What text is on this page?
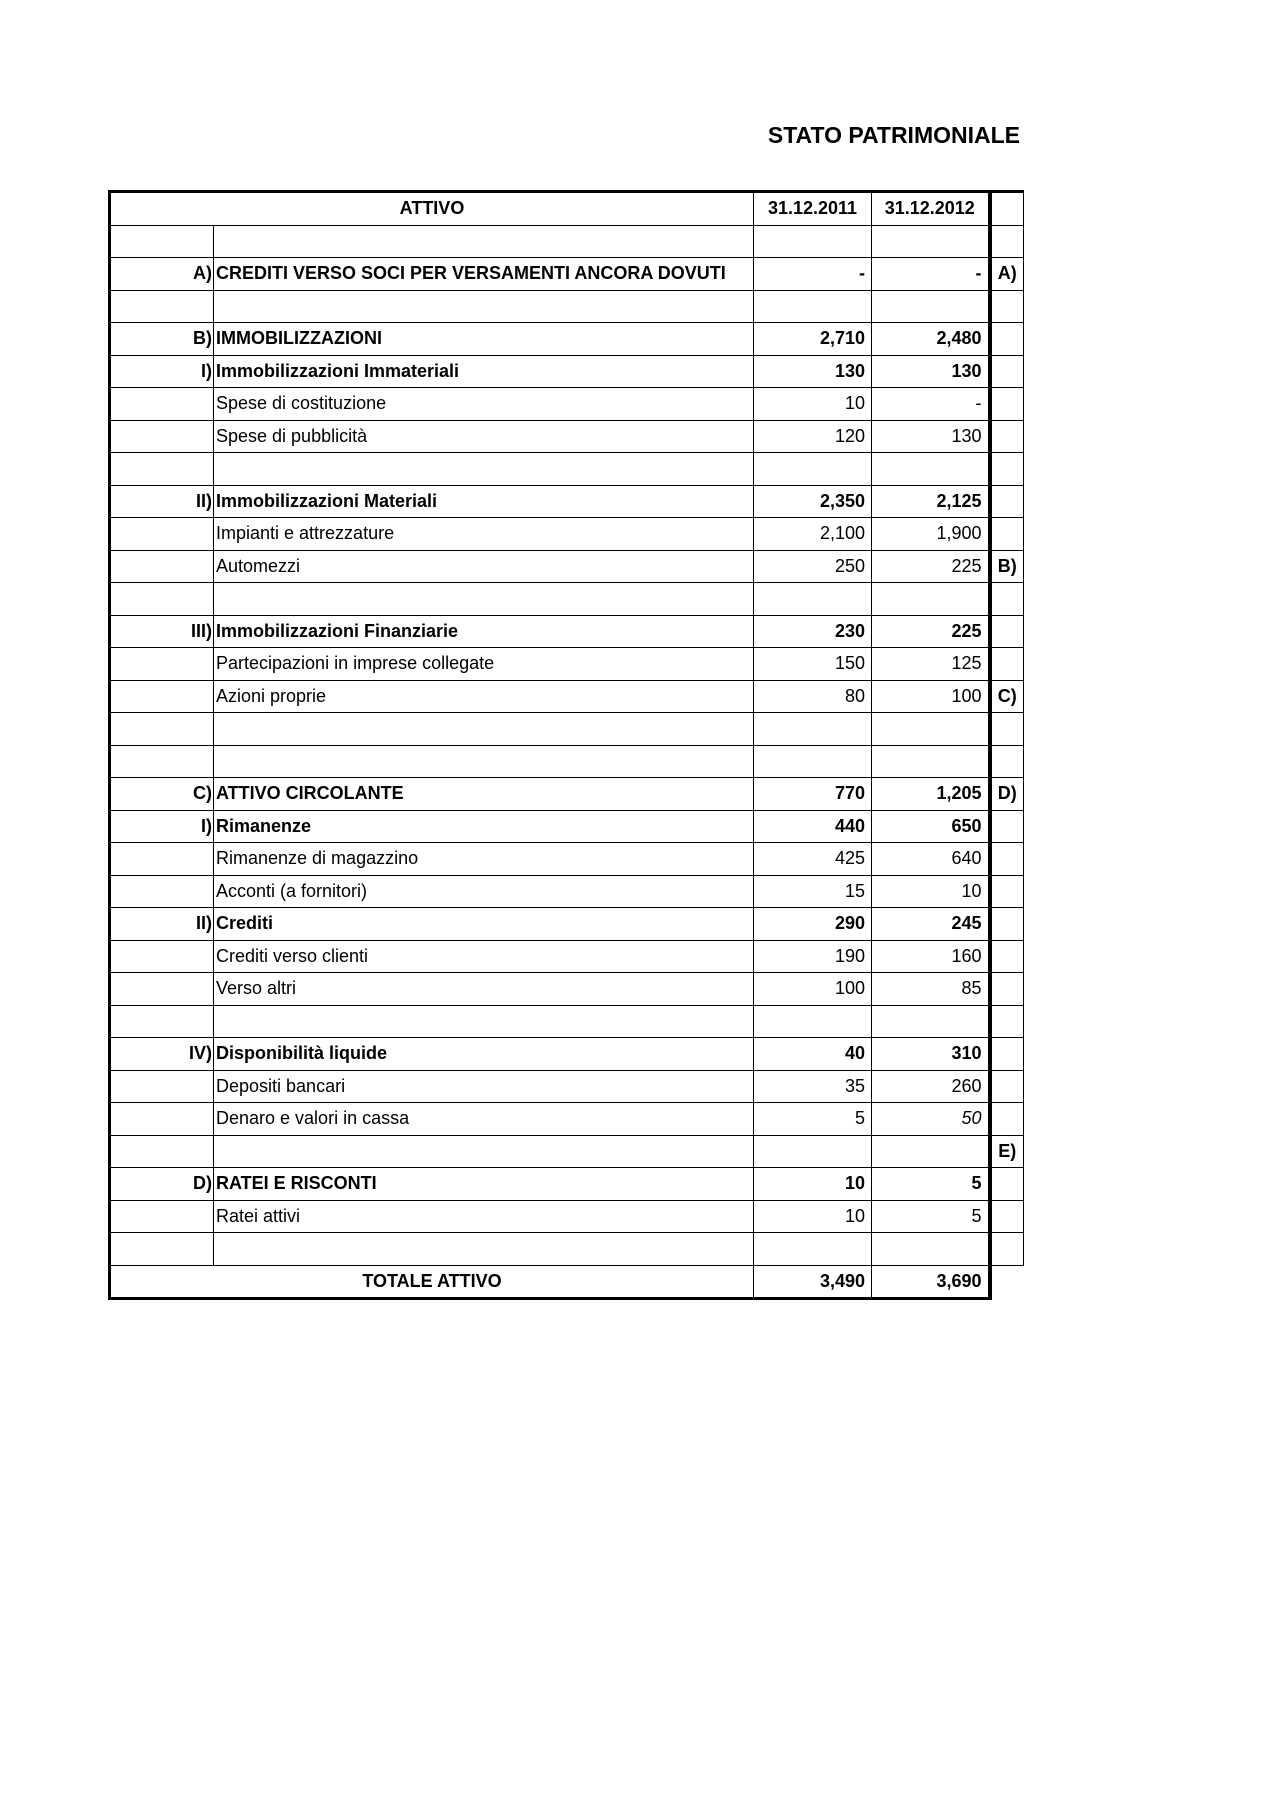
STATO PATRIMONIALE
ATTIVO		31.12.2011	31.12.2012	

A)	CREDITI VERSO SOCI PER VERSAMENTI ANCORA DOVUTI	-	-	A)

B)	IMMOBILIZZAZIONI	2,710	2,480	
I)	Immobilizzazioni Immateriali	130	130	
	Spese di costituzione	10	-	
	Spese di pubblicità	120	130	

II)	Immobilizzazioni Materiali	2,350	2,125	
	Impianti e attrezzature	2,100	1,900	
	Automezzi	250	225	B)

III)	Immobilizzazioni Finanziarie	230	225	
	Partecipazioni in imprese collegate	150	125	
	Azioni proprie	80	100	C)

C)	ATTIVO CIRCOLANTE	770	1,205	D)
I)	Rimanenze	440	650	
	Rimanenze di magazzino	425	640	
	Acconti (a fornitori)	15	10	
II)	Crediti	290	245	
	Crediti verso clienti	190	160	
	Verso altri	100	85	

IV)	Disponibilità liquide	40	310	
	Depositi bancari	35	260	
	Denaro e valori in cassa	5	50	
				E)
D)	RATEI E RISCONTI	10	5	
	Ratei attivi	10	5	

TOTALE ATTIVO		3,490	3,690	
